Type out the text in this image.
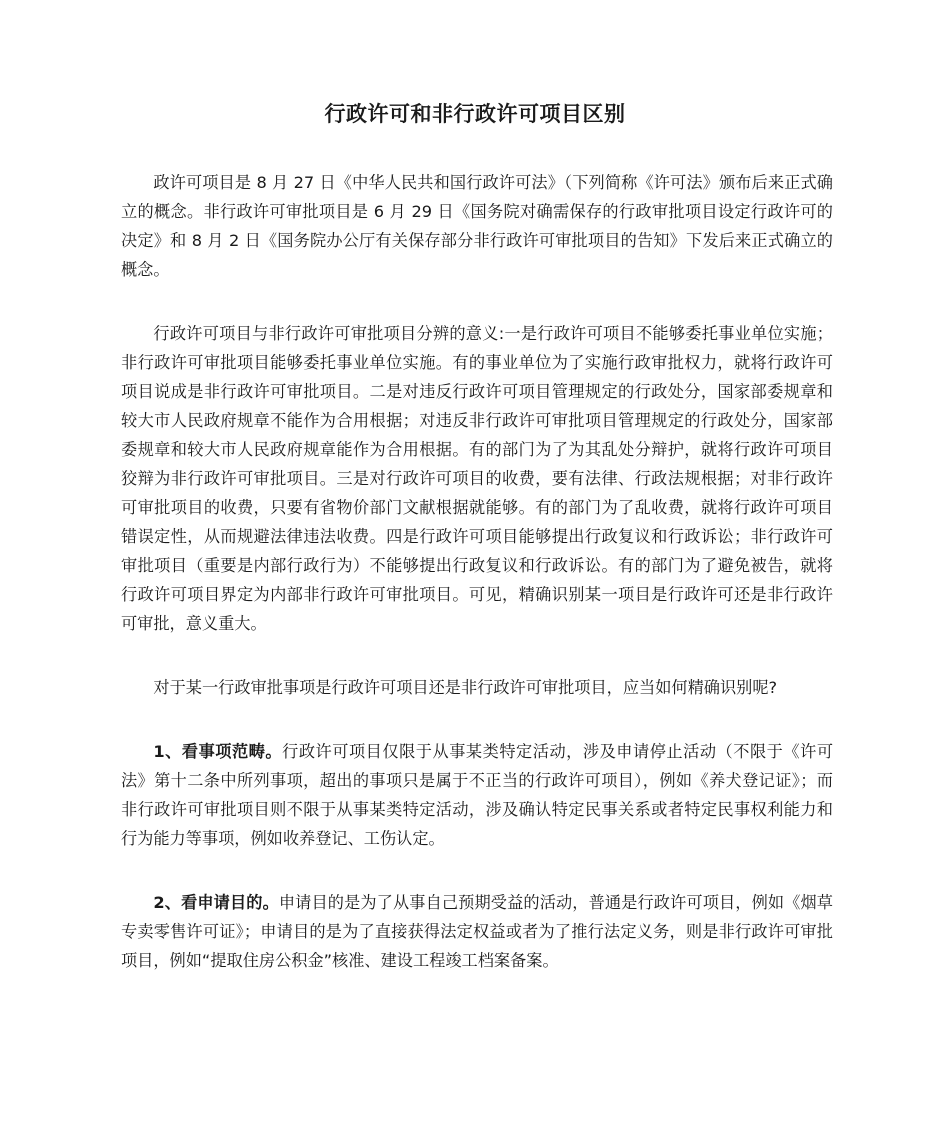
行政许可和非行政许可项目区别

政许可项目是 8 月 27 日《中华人民共和国行政许可法》（下列简称《许可法》颁布后来正式确立的概念。非行政许可审批项目是 6 月 29 日《国务院对确需保存的行政审批项目设定行政许可的决定》和 8 月 2 日《国务院办公厅有关保存部分非行政许可审批项目的告知》下发后来正式确立的概念。

行政许可项目与非行政许可审批项目分辨的意义:一是行政许可项目不能够委托事业单位实施；非行政许可审批项目能够委托事业单位实施。有的事业单位为了实施行政审批权力，就将行政许可项目说成是非行政许可审批项目。二是对违反行政许可项目管理规定的行政处分，国家部委规章和较大市人民政府规章不能作为合用根据；对违反非行政许可审批项目管理规定的行政处分，国家部委规章和较大市人民政府规章能作为合用根据。有的部门为了为其乱处分辩护，就将行政许可项目狡辩为非行政许可审批项目。三是对行政许可项目的收费，要有法律、行政法规根据；对非行政许可审批项目的收费，只要有省物价部门文献根据就能够。有的部门为了乱收费，就将行政许可项目错误定性，从而规避法律违法收费。四是行政许可项目能够提出行政复议和行政诉讼；非行政许可审批项目（重要是内部行政行为）不能够提出行政复议和行政诉讼。有的部门为了避免被告，就将行政许可项目界定为内部非行政许可审批项目。可见，精确识别某一项目是行政许可还是非行政许可审批，意义重大。

对于某一行政审批事项是行政许可项目还是非行政许可审批项目，应当如何精确识别呢?

1、看事项范畴。行政许可项目仅限于从事某类特定活动，涉及申请停止活动（不限于《许可法》第十二条中所列事项，超出的事项只是属于不正当的行政许可项目），例如《养犬登记证》；而非行政许可审批项目则不限于从事某类特定活动，涉及确认特定民事关系或者特定民事权利能力和行为能力等事项，例如收养登记、工伤认定。

2、看申请目的。申请目的是为了从事自己预期受益的活动，普通是行政许可项目，例如《烟草专卖零售许可证》；申请目的是为了直接获得法定权益或者为了推行法定义务，则是非行政许可审批项目，例如“提取住房公积金”核准、建设工程竣工档案备案。
